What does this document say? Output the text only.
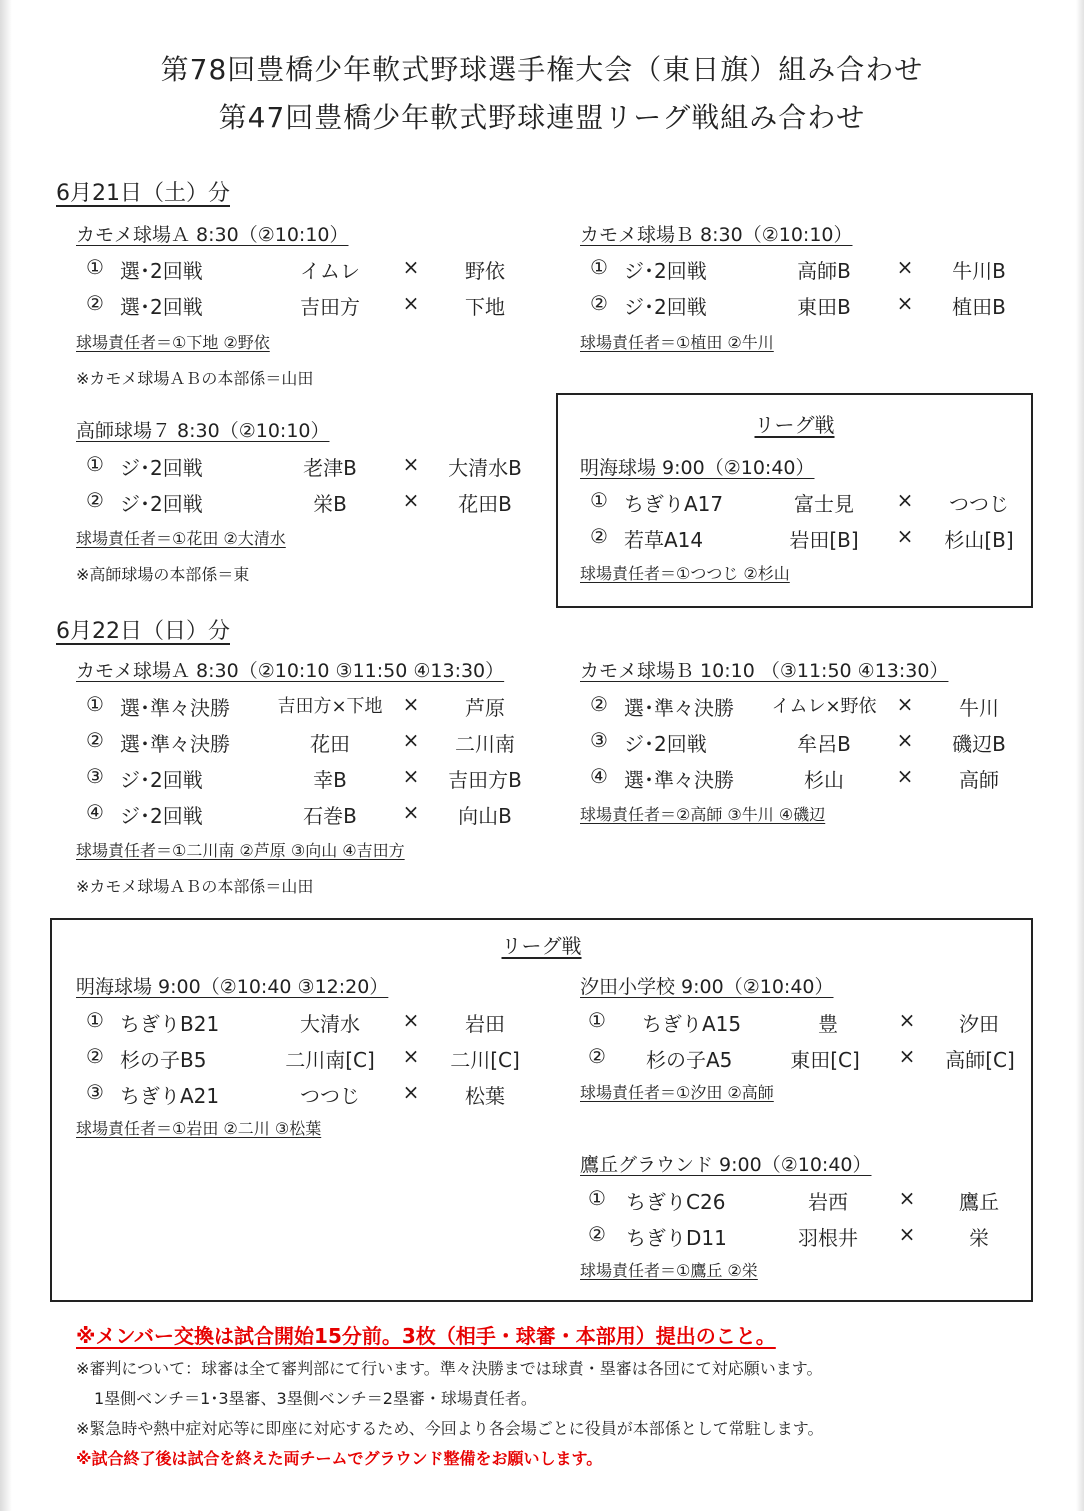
第78回豊橋少年軟式野球選手権大会（東日旗）組み合わせ
第47回豊橋少年軟式野球連盟リーグ戦組み合わせ
6月21日（土）分
カモメ球場Ａ 8:30（②10:10）
① 選･2回戦	イムレ	×	野依
② 選･2回戦	吉田方	×	下地
球場責任者＝①下地 ②野依
※カモメ球場ＡＢの本部係＝山田
カモメ球場Ｂ 8:30（②10:10）
① ジ･2回戦	高師B	×	牛川B
② ジ･2回戦	東田B	×	植田B
球場責任者＝①植田 ②牛川
高師球場７ 8:30（②10:10）
① ジ･2回戦	老津B	×	大清水B
② ジ･2回戦	栄B	×	花田B
球場責任者＝①花田 ②大清水
※高師球場の本部係＝東
リーグ戦
明海球場 9:00（②10:40）
① ちぎりA17	富士見	×	つつじ
② 若草A14	岩田[B]	×	杉山[B]
球場責任者＝①つつじ ②杉山
6月22日（日）分
カモメ球場Ａ 8:30（②10:10 ③11:50 ④13:30）
① 選･準々決勝	吉田方×下地	×	芦原
② 選･準々決勝	花田	×	二川南
③ ジ･2回戦	幸B	×	吉田方B
④ ジ･2回戦	石巻B	×	向山B
球場責任者＝①二川南 ②芦原 ③向山 ④吉田方
※カモメ球場ＡＢの本部係＝山田
カモメ球場Ｂ 10:10 （③11:50 ④13:30）
② 選･準々決勝	イムレ×野依	×	牛川
③ ジ･2回戦	牟呂B	×	磯辺B
④ 選･準々決勝	杉山	×	高師
球場責任者＝②高師 ③牛川 ④磯辺
リーグ戦
明海球場 9:00（②10:40 ③12:20）
① ちぎりB21	大清水	×	岩田
② 杉の子B5	二川南[C]	×	二川[C]
③ ちぎりA21	つつじ	×	松葉
球場責任者＝①岩田 ②二川 ③松葉
汐田小学校 9:00（②10:40）
①	ちぎりA15	豊	×	汐田
②	杉の子A5	東田[C]	×	高師[C]
球場責任者＝①汐田 ②高師
鷹丘グラウンド 9:00（②10:40）
①	ちぎりC26	岩西	×	鷹丘
②	ちぎりD11	羽根井	×	栄
球場責任者＝①鷹丘 ②栄
※メンバー交換は試合開始15分前。3枚（相手・球審・本部用）提出のこと。
※審判について：球審は全て審判部にて行います。準々決勝までは球責・塁審は各団にて対応願います。
1塁側ベンチ＝1･3塁審、3塁側ベンチ＝2塁審・球場責任者。
※緊急時や熱中症対応等に即座に対応するため、今回より各会場ごとに役員が本部係として常駐します。
※試合終了後は試合を終えた両チームでグラウンド整備をお願いします。
